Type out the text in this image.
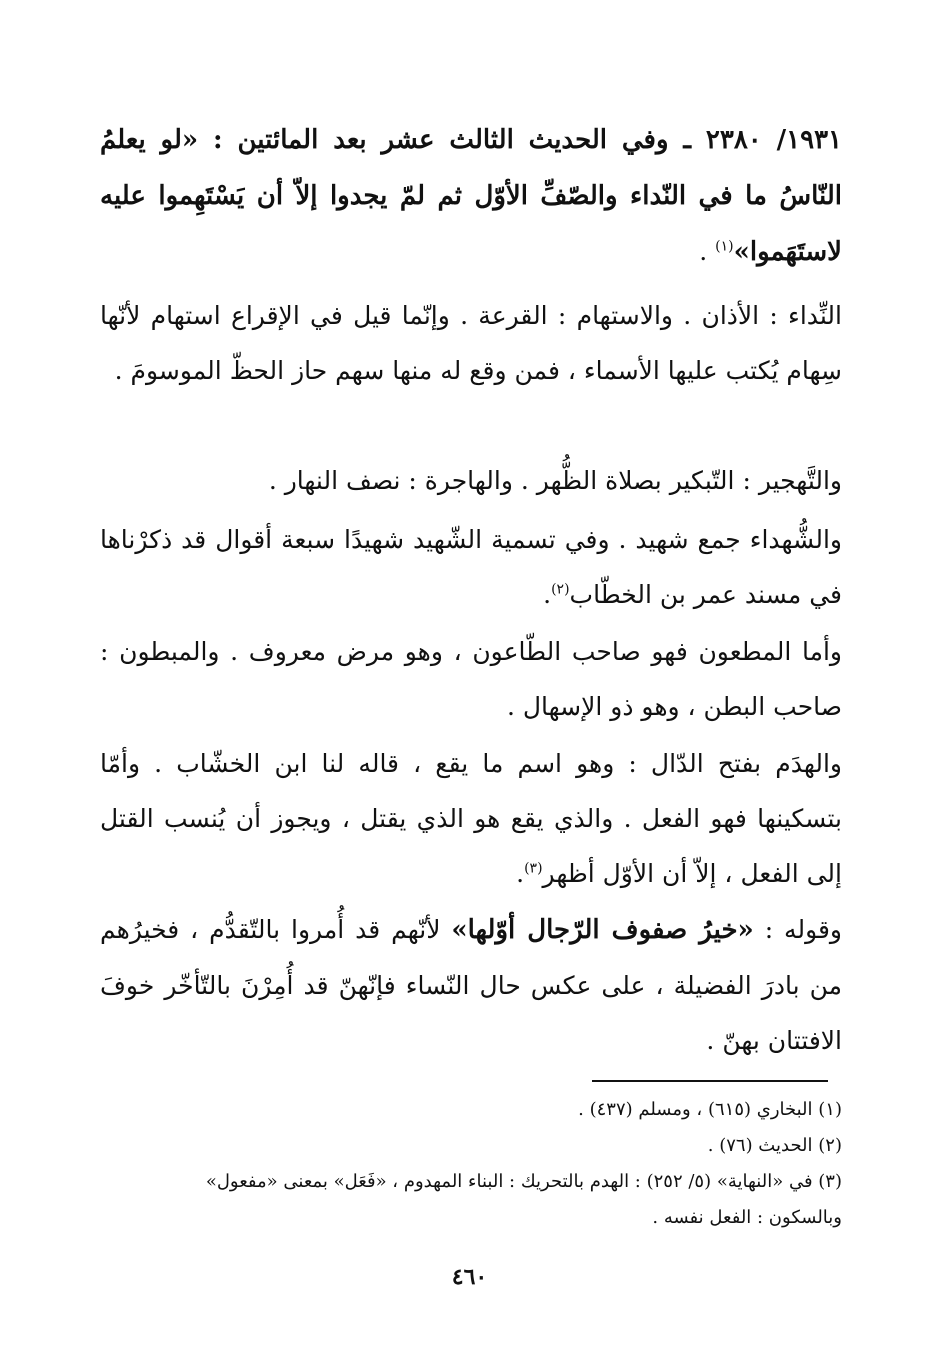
١٩٣١/ ٢٣٨٠ ـ وفي الحديث الثالث عشر بعد المائتين : «لو يعلمُ النّاسُ ما في النّداء والصّفِّ الأوّل ثم لمّ يجدوا إلاّ أن يَسْتَهِموا عليه لاستَهَموا»$^{(١)}$ .

النِّداء : الأذان . والاستهام : القرعة . وإنّما قيل في الإقراع استهام لأنّها سِهام يُكتب عليها الأسماء ، فمن وقع له منها سهم حاز الحظّ الموسومَ .

والتَّهجير : التّبكير بصلاة الظُّهر . والهاجرة : نصف النهار .

والشُّهداء جمع شهيد . وفي تسمية الشّهيد شهيدًا سبعة أقوال قد ذكرْناها في مسند عمر بن الخطّاب$^{(٢)}$.

وأما المطعون فهو صاحب الطّاعون ، وهو مرض معروف . والمبطون : صاحب البطن ، وهو ذو الإسهال .

والهدَم بفتح الدّال : وهو اسم ما يقع ، قاله لنا ابن الخشّاب . وأمّا بتسكينها فهو الفعل . والذي يقع هو الذي يقتل ، ويجوز أن يُنسب القتل إلى الفعل ، إلاّ أن الأوّل أظهر$^{(٣)}$.

وقوله : «خيرُ صفوف الرّجال أوّلها» لأنّهم قد أُمروا بالتّقدُّم ، فخيرُهم من بادرَ الفضيلة ، على عكس حال النّساء فإنّهنّ قد أُمِرْنَ بالتّأخّر خوفَ الافتتان بهنّ .

(١) البخاري (٦١٥) ، ومسلم (٤٣٧) .

(٢) الحديث (٧٦) .

(٣) في «النهاية» (٥/ ٢٥٢) : الهدم بالتحريك : البناء المهدوم ، «فَعَل» بمعنى «مفعول»

وبالسكون : الفعل نفسه .

٤٦٠
